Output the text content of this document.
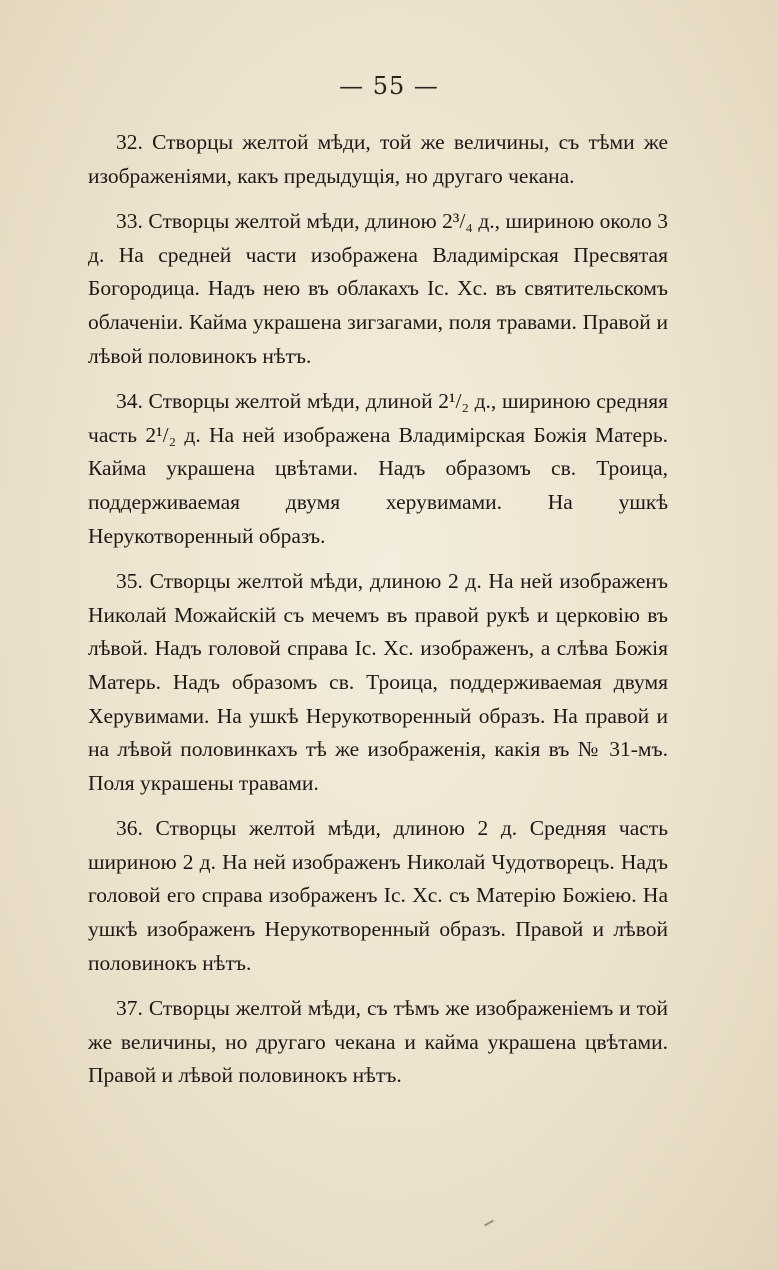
— 55 —

32. Створцы желтой мѣди, той же величины, съ тѣми же изображеніями, какъ предыдущія, но другаго чекана.

33. Створцы желтой мѣди, длиною 2³/₄ д., шириною около 3 д. На средней части изображена Владимірская Пресвятая Богородица. Надъ нею въ облакахъ Іс. Хс. въ святительскомъ облаченіи. Кайма украшена зигзагами, поля травами. Правой и лѣвой половинокъ нѣтъ.

34. Створцы желтой мѣди, длиной 2¹/₂ д., шириною средняя часть 2¹/₂ д. На ней изображена Владимірская Божія Матерь. Кайма украшена цвѣтами. Надъ образомъ св. Троица, поддерживаемая двумя херувимами. На ушкѣ Нерукотворенный образъ.

35. Створцы желтой мѣди, длиною 2 д. На ней изображенъ Николай Можайскій съ мечемъ въ правой рукѣ и церковію въ лѣвой. Надъ головой справа Іс. Хс. изображенъ, а слѣва Божія Матерь. Надъ образомъ св. Троица, поддерживаемая двумя Херувимами. На ушкѣ Нерукотворенный образъ. На правой и на лѣвой половинкахъ тѣ же изображенія, какія въ № 31-мъ. Поля украшены травами.

36. Створцы желтой мѣди, длиною 2 д. Средняя часть шириною 2 д. На ней изображенъ Николай Чудотворецъ. Надъ головой его справа изображенъ Іс. Хс. съ Матерію Божіею. На ушкѣ изображенъ Нерукотворенный образъ. Правой и лѣвой половинокъ нѣтъ.

37. Створцы желтой мѣди, съ тѣмъ же изображеніемъ и той же величины, но другаго чекана и кайма украшена цвѣтами. Правой и лѣвой половинокъ нѣтъ.
